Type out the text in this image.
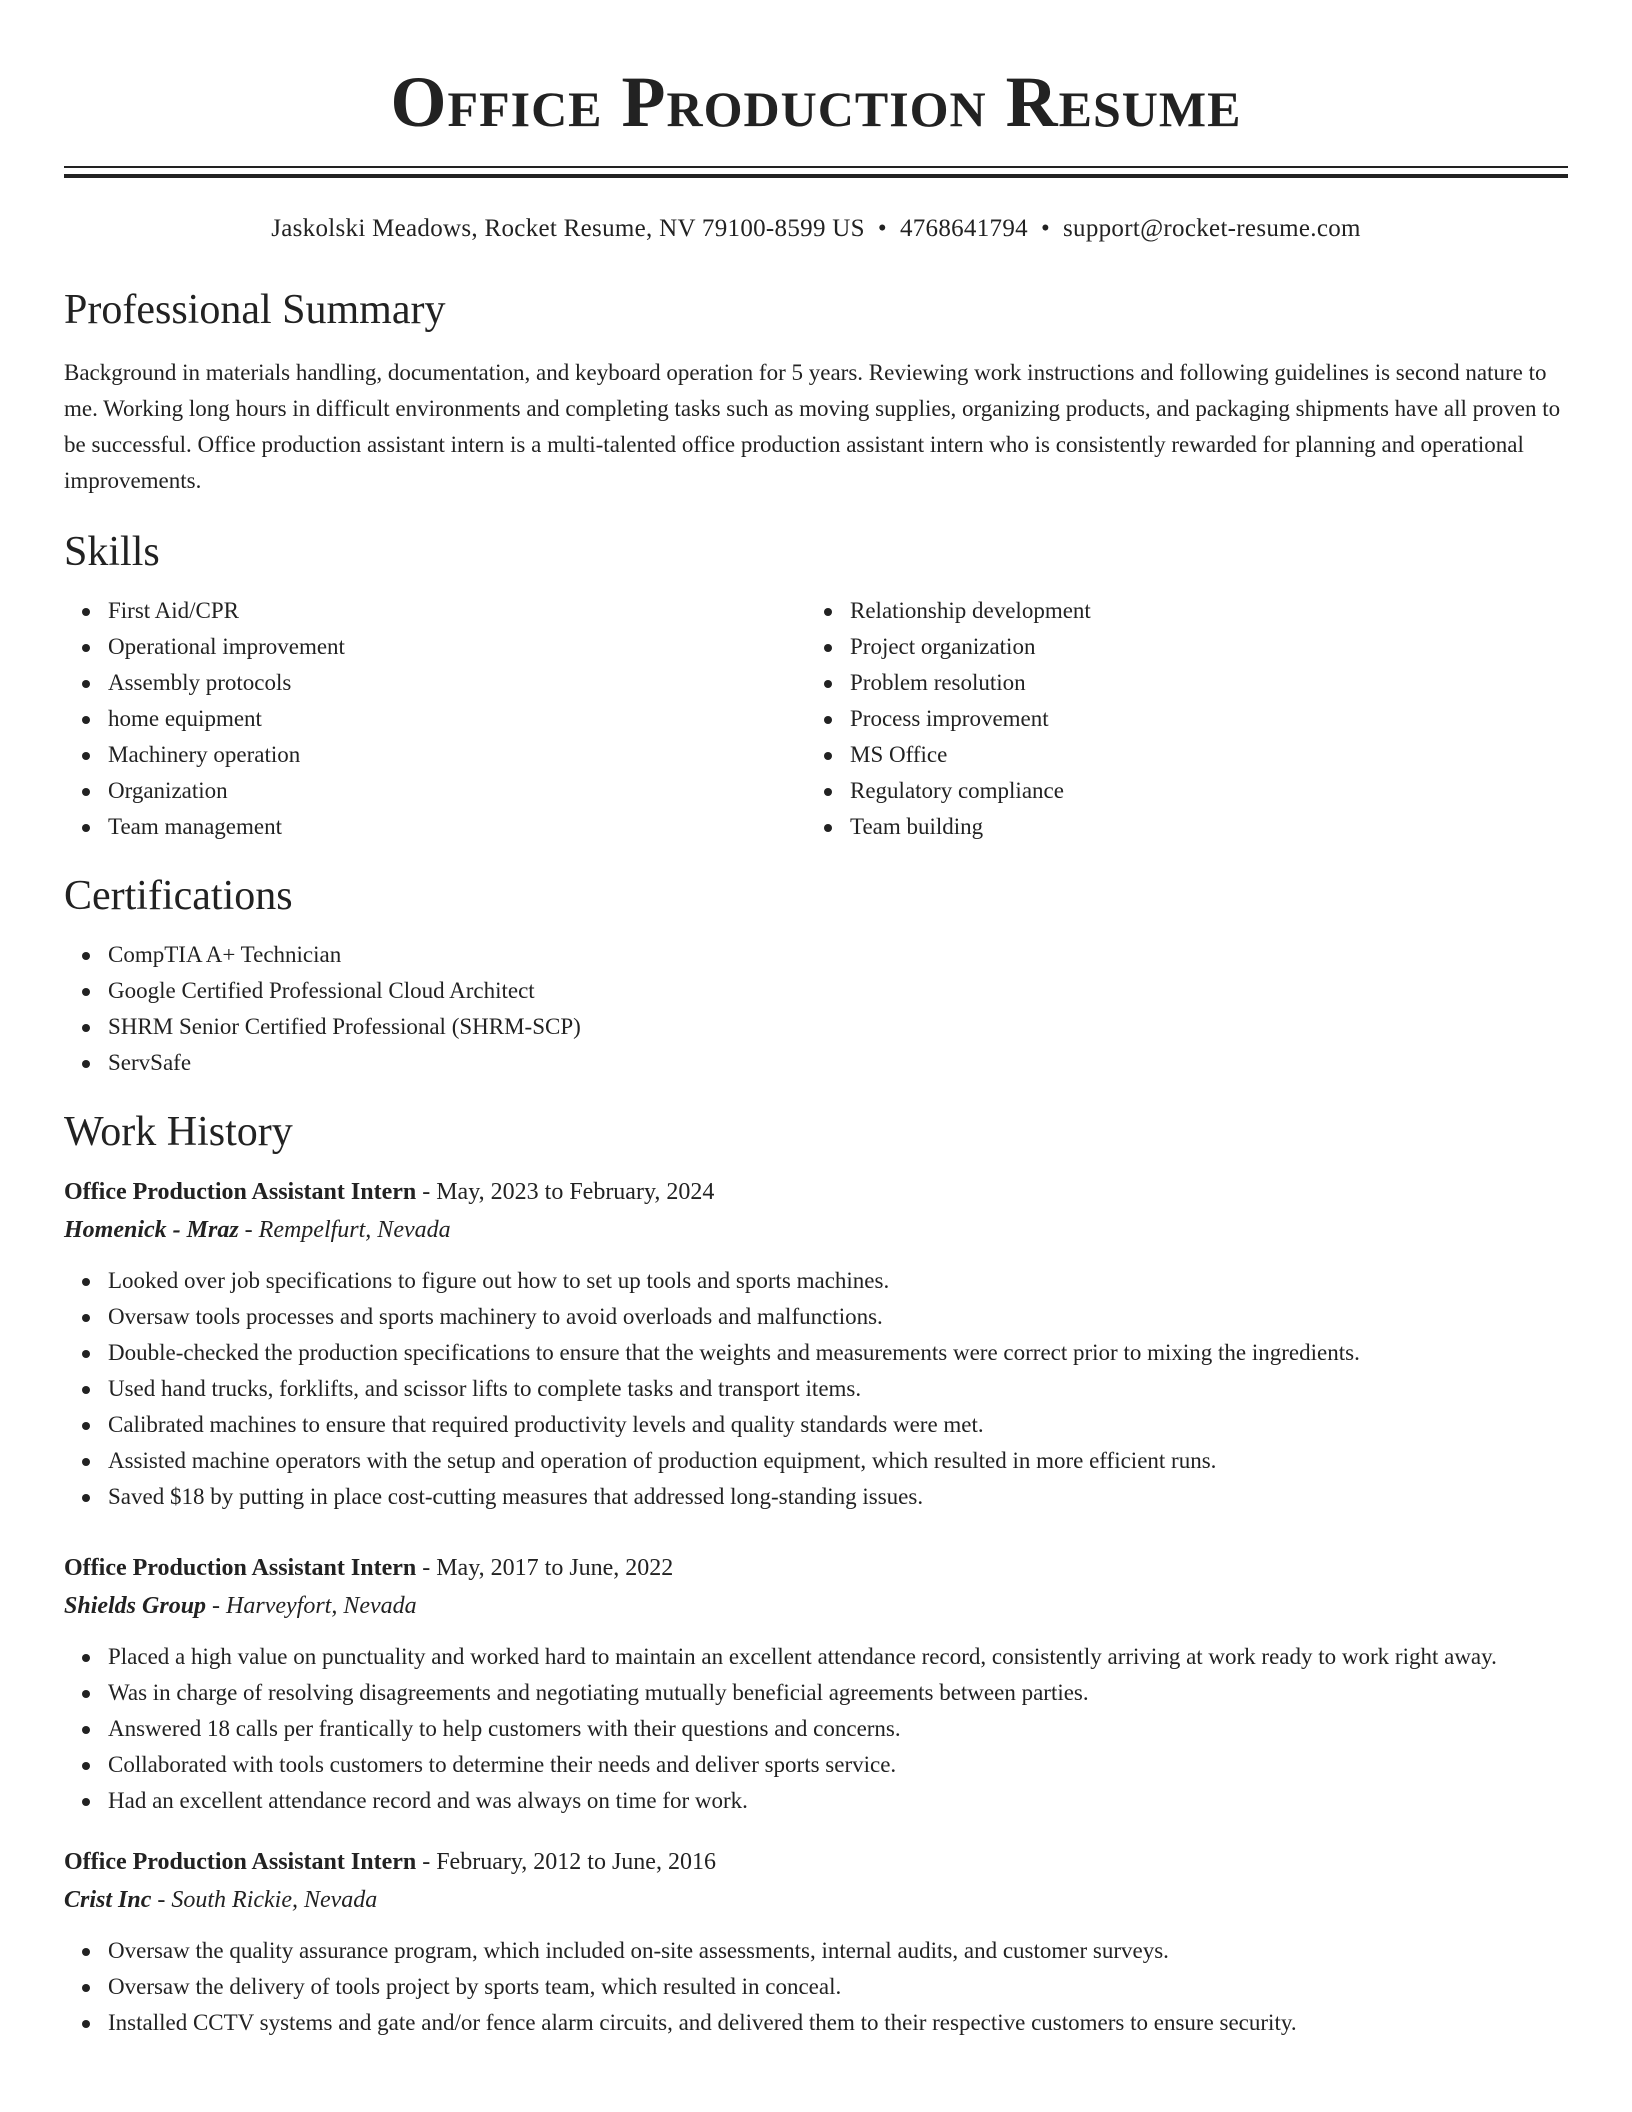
Office Production Resume
Jaskolski Meadows, Rocket Resume, NV 79100-8599 US • 4768641794 • support@rocket-resume.com
Professional Summary
Background in materials handling, documentation, and keyboard operation for 5 years. Reviewing work instructions and following guidelines is second nature to me. Working long hours in difficult environments and completing tasks such as moving supplies, organizing products, and packaging shipments have all proven to be successful. Office production assistant intern is a multi-talented office production assistant intern who is consistently rewarded for planning and operational improvements.
Skills
First Aid/CPR
Operational improvement
Assembly protocols
home equipment
Machinery operation
Organization
Team management
Relationship development
Project organization
Problem resolution
Process improvement
MS Office
Regulatory compliance
Team building
Certifications
CompTIA A+ Technician
Google Certified Professional Cloud Architect
SHRM Senior Certified Professional (SHRM-SCP)
ServSafe
Work History
Office Production Assistant Intern - May, 2023 to February, 2024
Homenick - Mraz - Rempelfurt, Nevada
Looked over job specifications to figure out how to set up tools and sports machines.
Oversaw tools processes and sports machinery to avoid overloads and malfunctions.
Double-checked the production specifications to ensure that the weights and measurements were correct prior to mixing the ingredients.
Used hand trucks, forklifts, and scissor lifts to complete tasks and transport items.
Calibrated machines to ensure that required productivity levels and quality standards were met.
Assisted machine operators with the setup and operation of production equipment, which resulted in more efficient runs.
Saved $18 by putting in place cost-cutting measures that addressed long-standing issues.
Office Production Assistant Intern - May, 2017 to June, 2022
Shields Group - Harveyfort, Nevada
Placed a high value on punctuality and worked hard to maintain an excellent attendance record, consistently arriving at work ready to work right away.
Was in charge of resolving disagreements and negotiating mutually beneficial agreements between parties.
Answered 18 calls per frantically to help customers with their questions and concerns.
Collaborated with tools customers to determine their needs and deliver sports service.
Had an excellent attendance record and was always on time for work.
Office Production Assistant Intern - February, 2012 to June, 2016
Crist Inc - South Rickie, Nevada
Oversaw the quality assurance program, which included on-site assessments, internal audits, and customer surveys.
Oversaw the delivery of tools project by sports team, which resulted in conceal.
Installed CCTV systems and gate and/or fence alarm circuits, and delivered them to their respective customers to ensure security.
